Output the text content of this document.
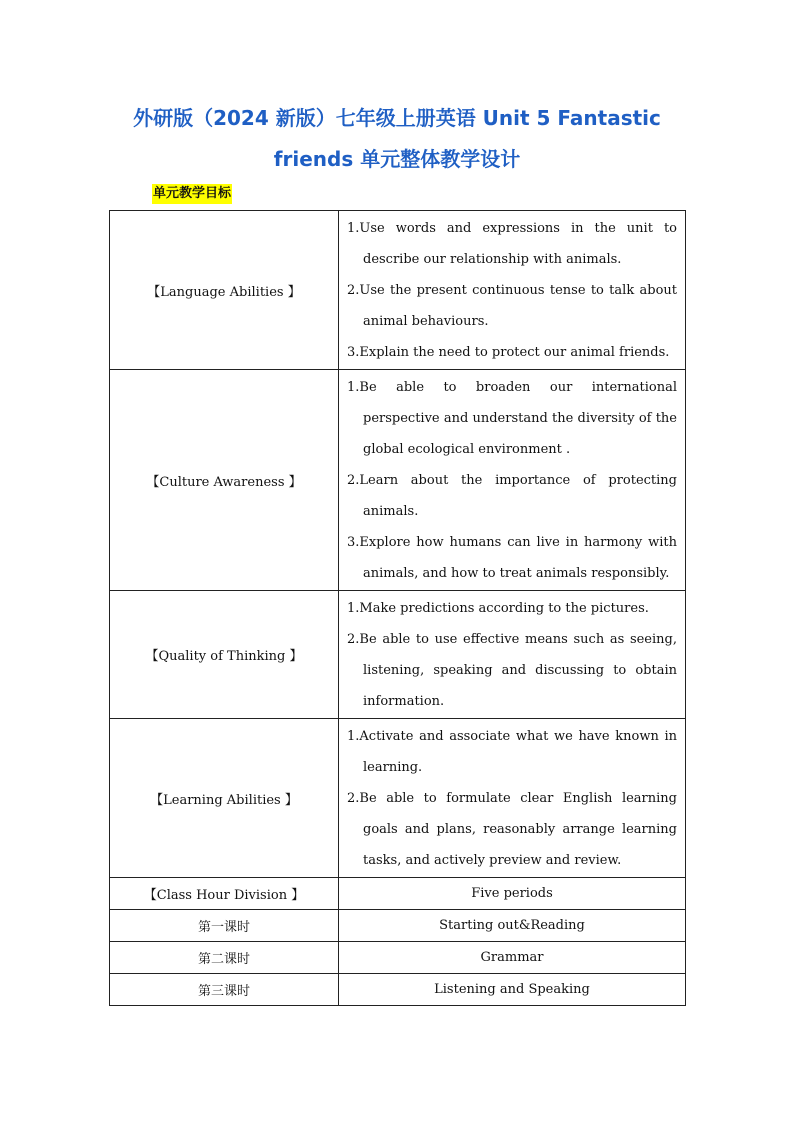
外研版（2024 新版）七年级上册英语 Unit 5 Fantastic
friends 单元整体教学设计
单元教学目标
【Language Abilities 】	1.Use words and expressions in the unit to describe our relationship with animals.
2.Use the present continuous tense to talk about animal behaviours.
3.Explain the need to protect our animal friends.

【Culture Awareness 】	1.Be able to broaden our international perspective and understand the diversity of the global ecological environment .
2.Learn about the importance of protecting animals.
3.Explore how humans can live in harmony with animals, and how to treat animals responsibly.

【Quality of Thinking 】	1.Make predictions according to the pictures.
2.Be able to use effective means such as seeing, listening, speaking and discussing to obtain information.

【Learning Abilities 】	1.Activate and associate what we have known in learning.
2.Be able to formulate clear English learning goals and plans, reasonably arrange learning tasks, and actively preview and review.

【Class Hour Division 】	Five periods
第一课时	Starting out&Reading
第二课时	Grammar
第三课时	Listening and Speaking
